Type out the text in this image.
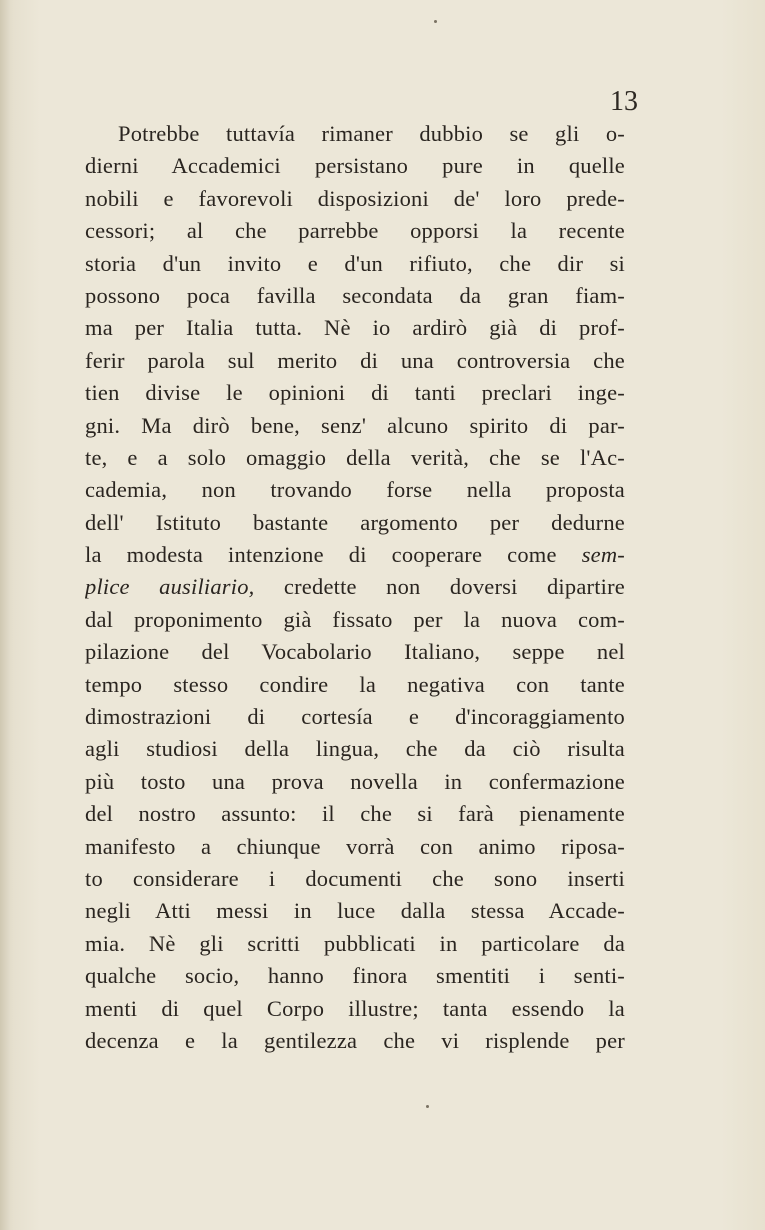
13
Potrebbe tuttavía rimaner dubbio se gli o-
dierni Accademici persistano pure in quelle
nobili e favorevoli disposizioni de' loro prede-
cessori; al che parrebbe opporsi la recente
storia d'un invito e d'un rifiuto, che dir si
possono poca favilla secondata da gran fiam-
ma per Italia tutta. Nè io ardirò già di prof-
ferir parola sul merito di una controversia che
tien divise le opinioni di tanti preclari inge-
gni. Ma dirò bene, senz' alcuno spirito di par-
te, e a solo omaggio della verità, che se l'Ac-
cademia, non trovando forse nella proposta
dell' Istituto bastante argomento per dedurne
la modesta intenzione di cooperare come sem-
plice ausiliario, credette non doversi dipartire
dal proponimento già fissato per la nuova com-
pilazione del Vocabolario Italiano, seppe nel
tempo stesso condire la negativa con tante
dimostrazioni di cortesía e d'incoraggiamento
agli studiosi della lingua, che da ciò risulta
più tosto una prova novella in confermazione
del nostro assunto: il che si farà pienamente
manifesto a chiunque vorrà con animo riposa-
to considerare i documenti che sono inserti
negli Atti messi in luce dalla stessa Accade-
mia. Nè gli scritti pubblicati in particolare da
qualche socio, hanno finora smentiti i senti-
menti di quel Corpo illustre; tanta essendo la
decenza e la gentilezza che vi risplende per
